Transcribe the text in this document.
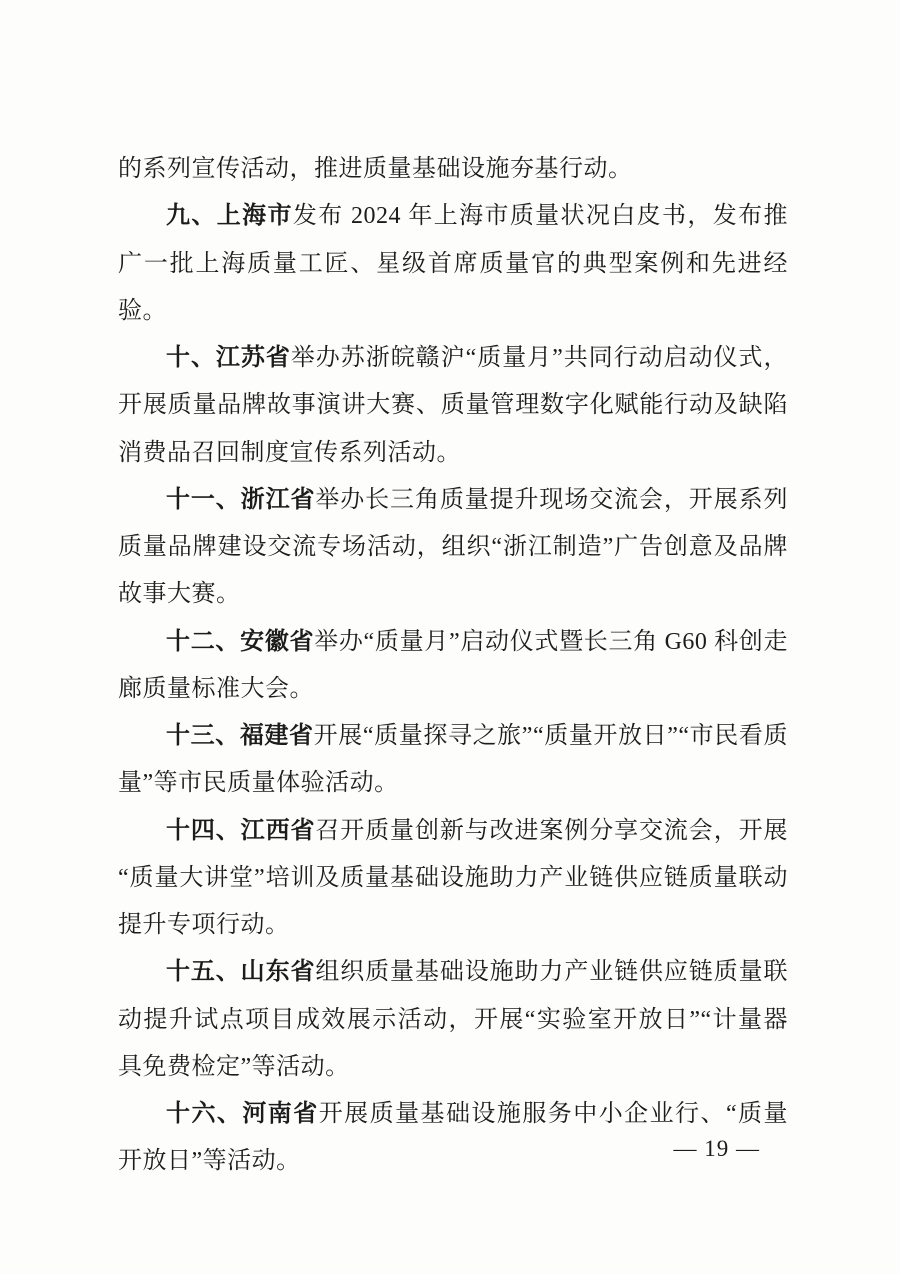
的系列宣传活动，推进质量基础设施夯基行动。

九、上海市发布 2024 年上海市质量状况白皮书，发布推广一批上海质量工匠、星级首席质量官的典型案例和先进经验。

十、江苏省举办苏浙皖赣沪“质量月”共同行动启动仪式，开展质量品牌故事演讲大赛、质量管理数字化赋能行动及缺陷消费品召回制度宣传系列活动。

十一、浙江省举办长三角质量提升现场交流会，开展系列质量品牌建设交流专场活动，组织“浙江制造”广告创意及品牌故事大赛。

十二、安徽省举办“质量月”启动仪式暨长三角 G60 科创走廊质量标准大会。

十三、福建省开展“质量探寻之旅”“质量开放日”“市民看质量”等市民质量体验活动。

十四、江西省召开质量创新与改进案例分享交流会，开展“质量大讲堂”培训及质量基础设施助力产业链供应链质量联动提升专项行动。

十五、山东省组织质量基础设施助力产业链供应链质量联动提升试点项目成效展示活动，开展“实验室开放日”“计量器具免费检定”等活动。

十六、河南省开展质量基础设施服务中小企业行、“质量开放日”等活动。	— 19 —
